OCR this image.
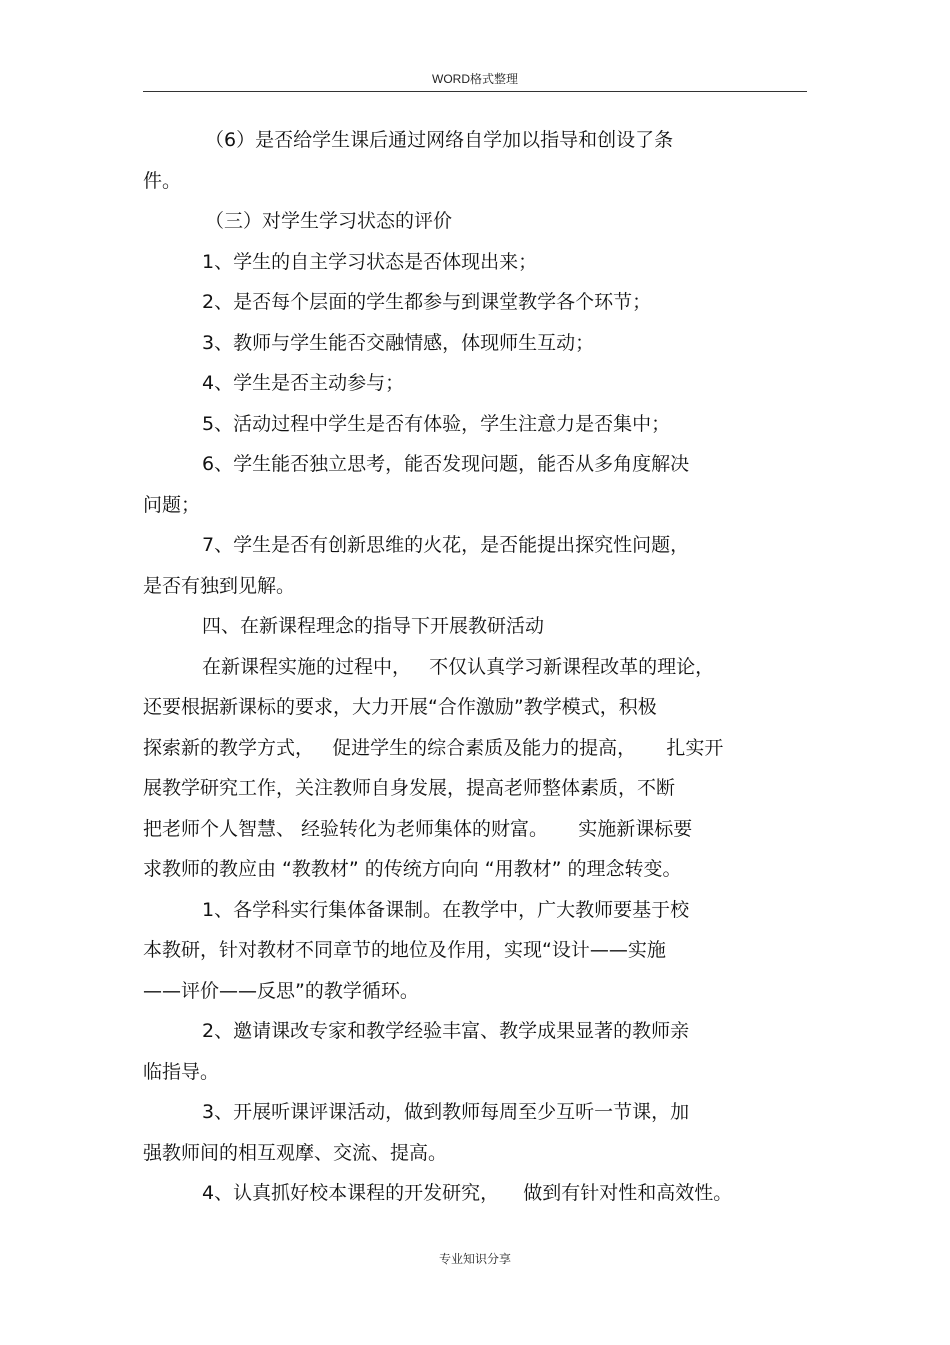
WORD格式整理
（6）是否给学生课后通过网络自学加以指导和创设了条
件。
（三）对学生学习状态的评价
1、学生的自主学习状态是否体现出来；
2、是否每个层面的学生都参与到课堂教学各个环节；
3、教师与学生能否交融情感，体现师生互动；
4、学生是否主动参与；
5、活动过程中学生是否有体验，学生注意力是否集中；
6、学生能否独立思考，能否发现问题，能否从多角度解决
问题；
7、学生是否有创新思维的火花，是否能提出探究性问题，
是否有独到见解。
四、在新课程理念的指导下开展教研活动
在新课程实施的过程中，   不仅认真学习新课程改革的理论，
还要根据新课标的要求，大力开展“合作激励”教学模式，积极
探索新的教学方式，   促进学生的综合素质及能力的提高，     扎实开
展教学研究工作，关注教师自身发展，提高老师整体素质，不断
把老师个人智慧、 经验转化为老师集体的财富。     实施新课标要
求教师的教应由 “教教材” 的传统方向向 “用教材” 的理念转变。
1、各学科实行集体备课制。在教学中，广大教师要基于校
本教研，针对教材不同章节的地位及作用，实现“设计——实施
——评价——反思”的教学循环。
2、邀请课改专家和教学经验丰富、教学成果显著的教师亲
临指导。
3、开展听课评课活动，做到教师每周至少互听一节课，加
强教师间的相互观摩、交流、提高。
4、认真抓好校本课程的开发研究，    做到有针对性和高效性。
专业知识分享
